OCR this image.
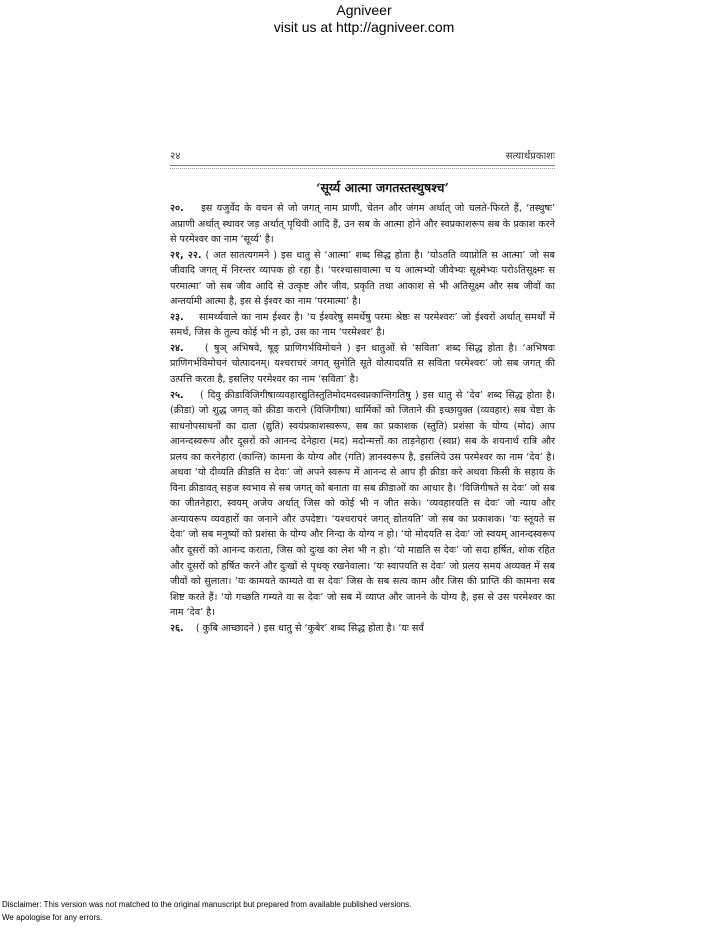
Agniveer
visit us at http://agniveer.com
२४	सत्यार्थप्रकाशः
‘सूर्य्य आत्मा जगतस्तस्थुषश्च’

२०. इस यजुर्वेद के वचन से जो जगत् नाम प्राणी, चेतन और जंगम अर्थात् जो चलते-फिरते हैं, ‘तस्थुषः’ अप्राणी अर्थात् स्थावर जड़ अर्थात् पृथिवी आदि हैं, उन सब के आत्मा होने और स्वप्रकाशरूप सब के प्रकाश करने से परमेश्वर का नाम ‘सूर्य्य’ है।

२१, २२. ( अत सातत्यगमने ) इस धातु से ‘आत्मा’ शब्द सिद्ध होता है। ‘योऽतति व्याप्नोति स आत्मा’ जो सब जीवादि जगत् में निरन्तर व्यापक हो रहा है। ‘परश्चासावात्मा च य आत्मभ्यो जीवेभ्यः सूक्ष्मेभ्यः परोऽतिसूक्ष्मः स परमात्मा’ जो सब जीव आदि से उत्कृष्ट और जीव, प्रकृति तथा आकाश से भी अतिसूक्ष्म और सब जीवों का अन्तर्यामी आत्मा है, इस से ईश्वर का नाम ‘परमात्मा’ है।

२३. सामर्थ्यवाले का नाम ईश्वर है। ‘य ईश्वरेषु समर्थेषु परमः श्रेष्ठः स परमेश्वरः’ जो ईश्वरों अर्थात् समर्थों में समर्थ, जिस के तुल्य कोई भी न हो, उस का नाम ‘परमेश्वर’ है।

२४. ( षुञ् अभिषवे, षूङ् प्राणिगर्भविमोचने ) इन धातुओं से ‘सविता’ शब्द सिद्ध होता है। ‘अभिषवः प्राणिगर्भविमोचनं चोत्पादनम्। यश्चराचरं जगत् सुनोति सूते वोत्पादयति स सविता परमेश्वरः’ जो सब जगत् की उत्पत्ति करता है, इसलिए परमेश्वर का नाम ‘सविता’ है।

२५. ( दिवु क्रीडाविजिगीषाव्यवहारद्युतिस्तुतिमोदमदस्वप्नकान्तिगतिषु ) इस धातु से ‘देव’ शब्द सिद्ध होता है। (क्रीडा) जो शुद्ध जगत् को क्रीडा कराने (विजिगीषा) धार्मिकों को जिताने की इच्छायुक्त (व्यवहार) सब चेष्टा के साधनोपसाधनों का दाता (द्युति) स्वयंप्रकाशस्वरूप, सब का प्रकाशक (स्तुति) प्रशंसा के योग्य (मोद) आप आनन्दस्वरूप और दूसरों को आनन्द देनेहारा (मद) मदोन्मत्तों का ताड़नेहारा (स्वप्न) सब के शयनार्थ रात्रि और प्रलय का करनेहारा (कान्ति) कामना के योग्य और (गति) ज्ञानस्वरूप है, इसलिये उस परमेश्वर का नाम ‘देव’ है। अथवा ‘यो दीव्यति क्रीडति स देवः’ जो अपने स्वरूप में आनन्द से आप ही क्रीडा करे अथवा किसी के सहाय के विना क्रीडावत् सहज स्वभाव से सब जगत् को बनाता वा सब क्रीडाओं का आधार है। ‘विजिगीषते स देवः’ जो सब का जीतनेहारा, स्वयम् अजेय अर्थात् जिस को कोई भी न जीत सके। ‘व्यवहारयति स देवः’ जो न्याय और अन्यायरूप व्यवहारों का जनाने और उपदेष्टा। ‘यश्चराचरं जगत् द्योतयति’ जो सब का प्रकाशक। ‘यः स्तूयते स देवः’ जो सब मनुष्यों को प्रशंसा के योग्य और निन्दा के योग्य न हो। ‘यो मोदयति स देवः’ जो स्वयम् आनन्दस्वरूप और दूसरों को आनन्द कराता, जिस को दुःख का लेश भी न हो। ‘यो माद्यति स देवः’ जो सदा हर्षित, शोक रहित और दूसरों को हर्षित करने और दुःखों से पृथक् रखनेवाला। ‘यः स्वापयति स देवः’ जो प्रलय समय अव्यक्त में सब जीवों को सुलाता। ‘यः कामयते काम्यते वा स देवः’ जिस के सब सत्य काम और जिस की प्राप्ति की कामना सब शिष्ट करते हैं। ‘यो गच्छति गम्यते वा स देवः’ जो सब में व्याप्त और जानने के योग्य है, इस से उस परमेश्वर का नाम ‘देव’ है।

२६. ( कुबि आच्छादने ) इस धातु से ‘कुबेर’ शब्द सिद्ध होता है। ‘यः सर्वं

Disclaimer: This version was not matched to the original manuscript but prepared from available published versions.
We apologise for any errors.
